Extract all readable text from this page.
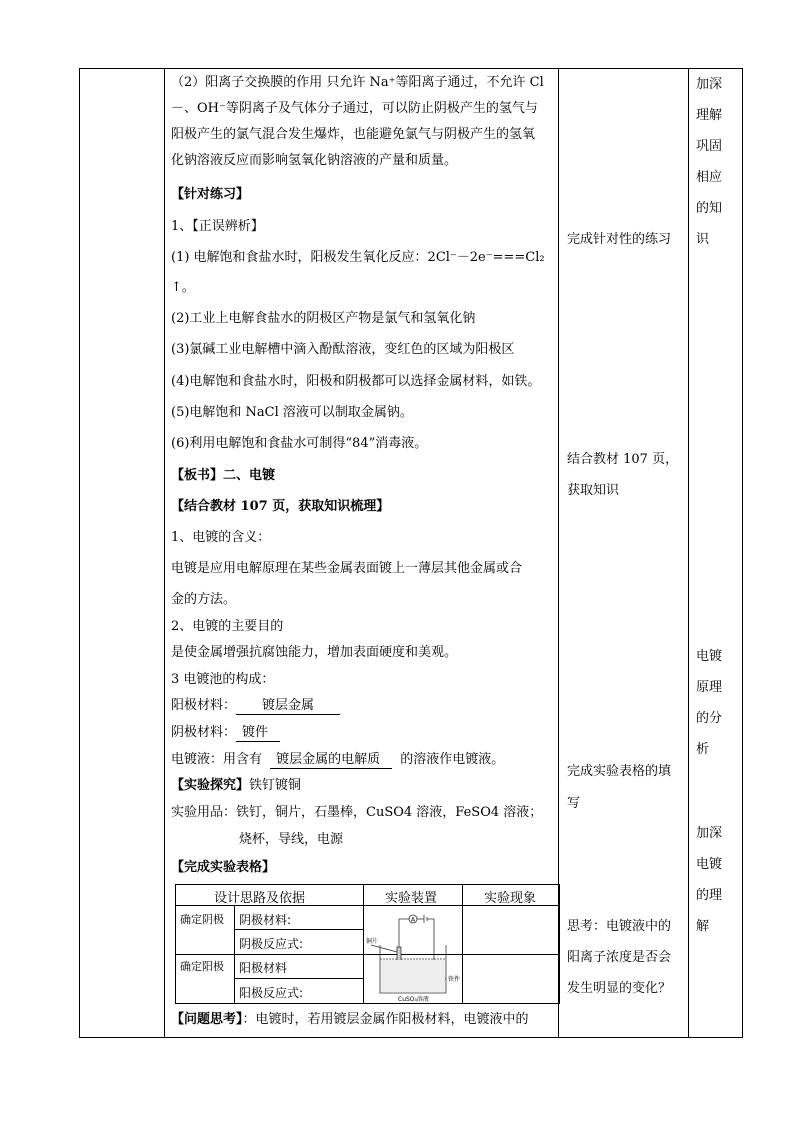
（2）阳离子交换膜的作用 只允许 Na⁺等阳离子通过，不允许 Cl
－、OH⁻等阴离子及气体分子通过，可以防止阴极产生的氢气与
阳极产生的氯气混合发生爆炸，也能避免氯气与阴极产生的氢氧
化钠溶液反应而影响氢氧化钠溶液的产量和质量。
【针对练习】
1、【正误辨析】
(1) 电解饱和食盐水时，阳极发生氧化反应：2Cl⁻－2e⁻===Cl₂
↑。
(2)工业上电解食盐水的阴极区产物是氯气和氢氧化钠
(3)氯碱工业电解槽中滴入酚酞溶液，变红色的区域为阳极区
(4)电解饱和食盐水时，阳极和阴极都可以选择金属材料，如铁。
(5)电解饱和 NaCl 溶液可以制取金属钠。
(6)利用电解饱和食盐水可制得“84”消毒液。
【板书】二、电镀
【结合教材 107 页，获取知识梳理】
1、电镀的含义：
电镀是应用电解原理在某些金属表面镀上一薄层其他金属或合
金的方法。
2、电镀的主要目的
是使金属增强抗腐蚀能力，增加表面硬度和美观。
3 电镀池的构成：
阳极材料： 镀层金属
阴极材料： 镀件
电镀液：用含有 镀层金属的电解质 的溶液作电镀液。
【实验探究】铁钉镀铜
实验用品：铁钉，铜片，石墨棒，CuSO4 溶液，FeSO4 溶液；
烧杯，导线，电源
【完成实验表格】
【问题思考】：电镀时，若用镀层金属作阳极材料，电镀液中的
设计思路及依据	实验装置	实验现象
确定阴极 阴极材料:
阴极反应式:
确定阳极 阳极材料
阳极反应式:
A
铜片
铁件
CuSO₄溶液
完成针对性的练习
结合教材 107 页，
获取知识
完成实验表格的填
写
思考：电镀液中的
阳离子浓度是否会
发生明显的变化？
加深
理解
巩固
相应
的知
识
电镀
原理
的分
析
加深
电镀
的理
解
